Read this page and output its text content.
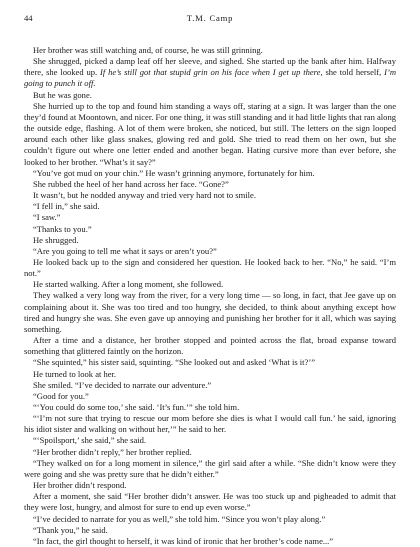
44	T.M. Camp

Her brother was still watching and, of course, he was still grinning.

She shrugged, picked a damp leaf off her sleeve, and sighed. She started up the bank after him. Halfway there, she looked up. If he’s still got that stupid grin on his face when I get up there, she told herself, I’m going to punch it off.

But he was gone.

She hurried up to the top and found him standing a ways off, staring at a sign. It was larger than the one they’d found at Moontown, and nicer. For one thing, it was still standing and it had little lights that ran along the outside edge, flashing. A lot of them were broken, she noticed, but still. The letters on the sign looped around each other like glass snakes, glowing red and gold. She tried to read them on her own, but she couldn’t figure out where one letter ended and another began. Hating cursive more than ever before, she looked to her brother. “What’s it say?”

“You’ve got mud on your chin.” He wasn’t grinning anymore, fortunately for him.

She rubbed the heel of her hand across her face. “Gone?”

It wasn’t, but he nodded anyway and tried very hard not to smile.

“I fell in,” she said.

“I saw.”

“Thanks to you.”

He shrugged.

“Are you going to tell me what it says or aren’t you?”

He looked back up to the sign and considered her question. He looked back to her. “No,” he said. “I’m not.”

He started walking. After a long moment, she followed.

They walked a very long way from the river, for a very long time — so long, in fact, that Jee gave up on complaining about it. She was too tired and too hungry, she decided, to think about anything except how tired and hungry she was. She even gave up annoying and punishing her brother for it all, which was saying something.

After a time and a distance, her brother stopped and pointed across the flat, broad expanse toward something that glittered faintly on the horizon.

“She squinted,” his sister said, squinting. “She looked out and asked ‘What is it?’”

He turned to look at her.

She smiled. “I’ve decided to narrate our adventure.”

“Good for you.”

“‘You could do some too,’ she said. ‘It’s fun.’” she told him.

“‘I’m not sure that trying to rescue our mom before she dies is what I would call fun.’ he said, ignoring his idiot sister and walking on without her,’” he said to her.

“‘Spoilsport,’ she said,” she said.

“Her brother didn’t reply,” her brother replied.

“They walked on for a long moment in silence,” the girl said after a while. “She didn’t know were they were going and she was pretty sure that he didn’t either.”

Her brother didn’t respond.

After a moment, she said “Her brother didn’t answer. He was too stuck up and pigheaded to admit that they were lost, hungry, and almost for sure to end up even worse.”

“I’ve decided to narrate for you as well,” she told him. “Since you won’t play along.”

“Thank you,” he said.

“In fact, the girl thought to herself, it was kind of ironic that her brother’s code name...”
